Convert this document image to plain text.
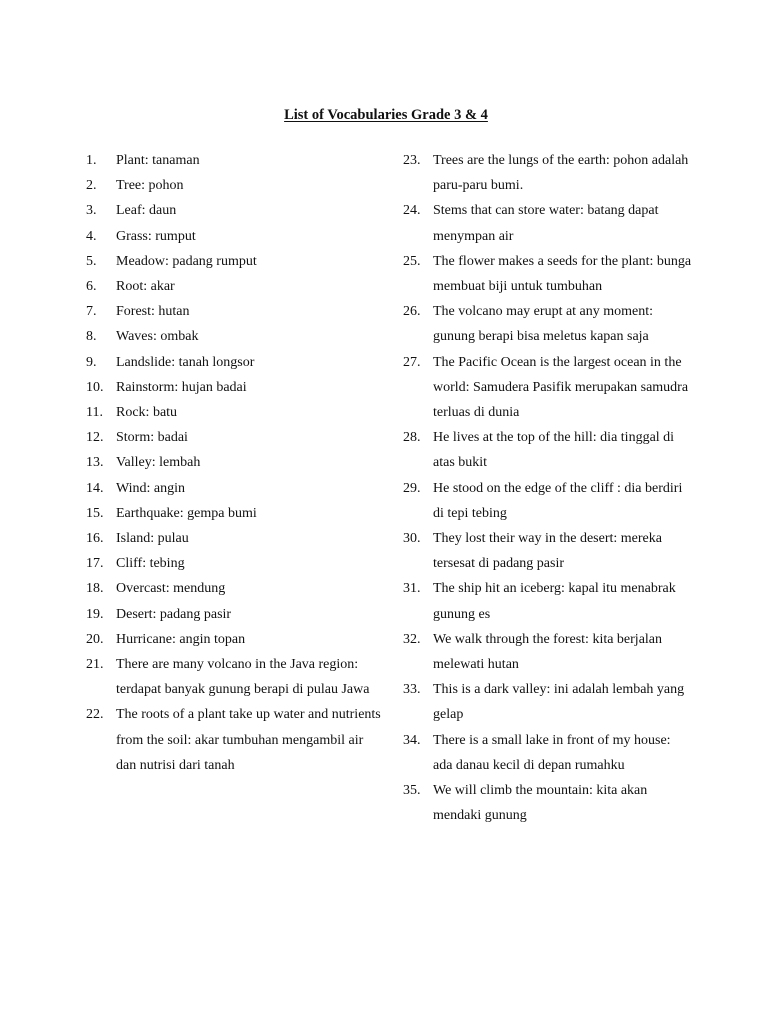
List of Vocabularies Grade 3 & 4
1.	Plant: tanaman
2.	Tree: pohon
3.	Leaf: daun
4.	Grass: rumput
5.	Meadow: padang rumput
6.	Root: akar
7.	Forest: hutan
8.	Waves: ombak
9.	Landslide: tanah longsor
10. Rainstorm: hujan badai
11. Rock: batu
12. Storm: badai
13. Valley: lembah
14. Wind: angin
15. Earthquake: gempa bumi
16. Island: pulau
17. Cliff: tebing
18. Overcast: mendung
19. Desert: padang pasir
20. Hurricane: angin topan
21. There are many volcano in the Java region: terdapat banyak gunung berapi di pulau Jawa
22. The roots of a plant take up water and nutrients from the soil: akar tumbuhan mengambil air dan nutrisi dari tanah
23. Trees are the lungs of the earth: pohon adalah paru-paru bumi.
24. Stems that can store water: batang dapat menympan air
25. The flower makes a seeds for the plant: bunga membuat biji untuk tumbuhan
26. The volcano may erupt at any moment: gunung berapi bisa meletus kapan saja
27. The Pacific Ocean is the largest ocean in the world: Samudera Pasifik merupakan samudra terluas di dunia
28. He lives at the top of the hill: dia tinggal di atas bukit
29. He stood on the edge of the cliff : dia berdiri di tepi tebing
30. They lost their way in the desert: mereka tersesat di padang pasir
31. The ship hit an iceberg: kapal itu menabrak gunung es
32. We walk through the forest: kita berjalan melewati hutan
33. This is a dark valley: ini adalah lembah yang gelap
34. There is a small lake in front of my house: ada danau kecil di depan rumahku
35. We will climb the mountain: kita akan mendaki gunung
